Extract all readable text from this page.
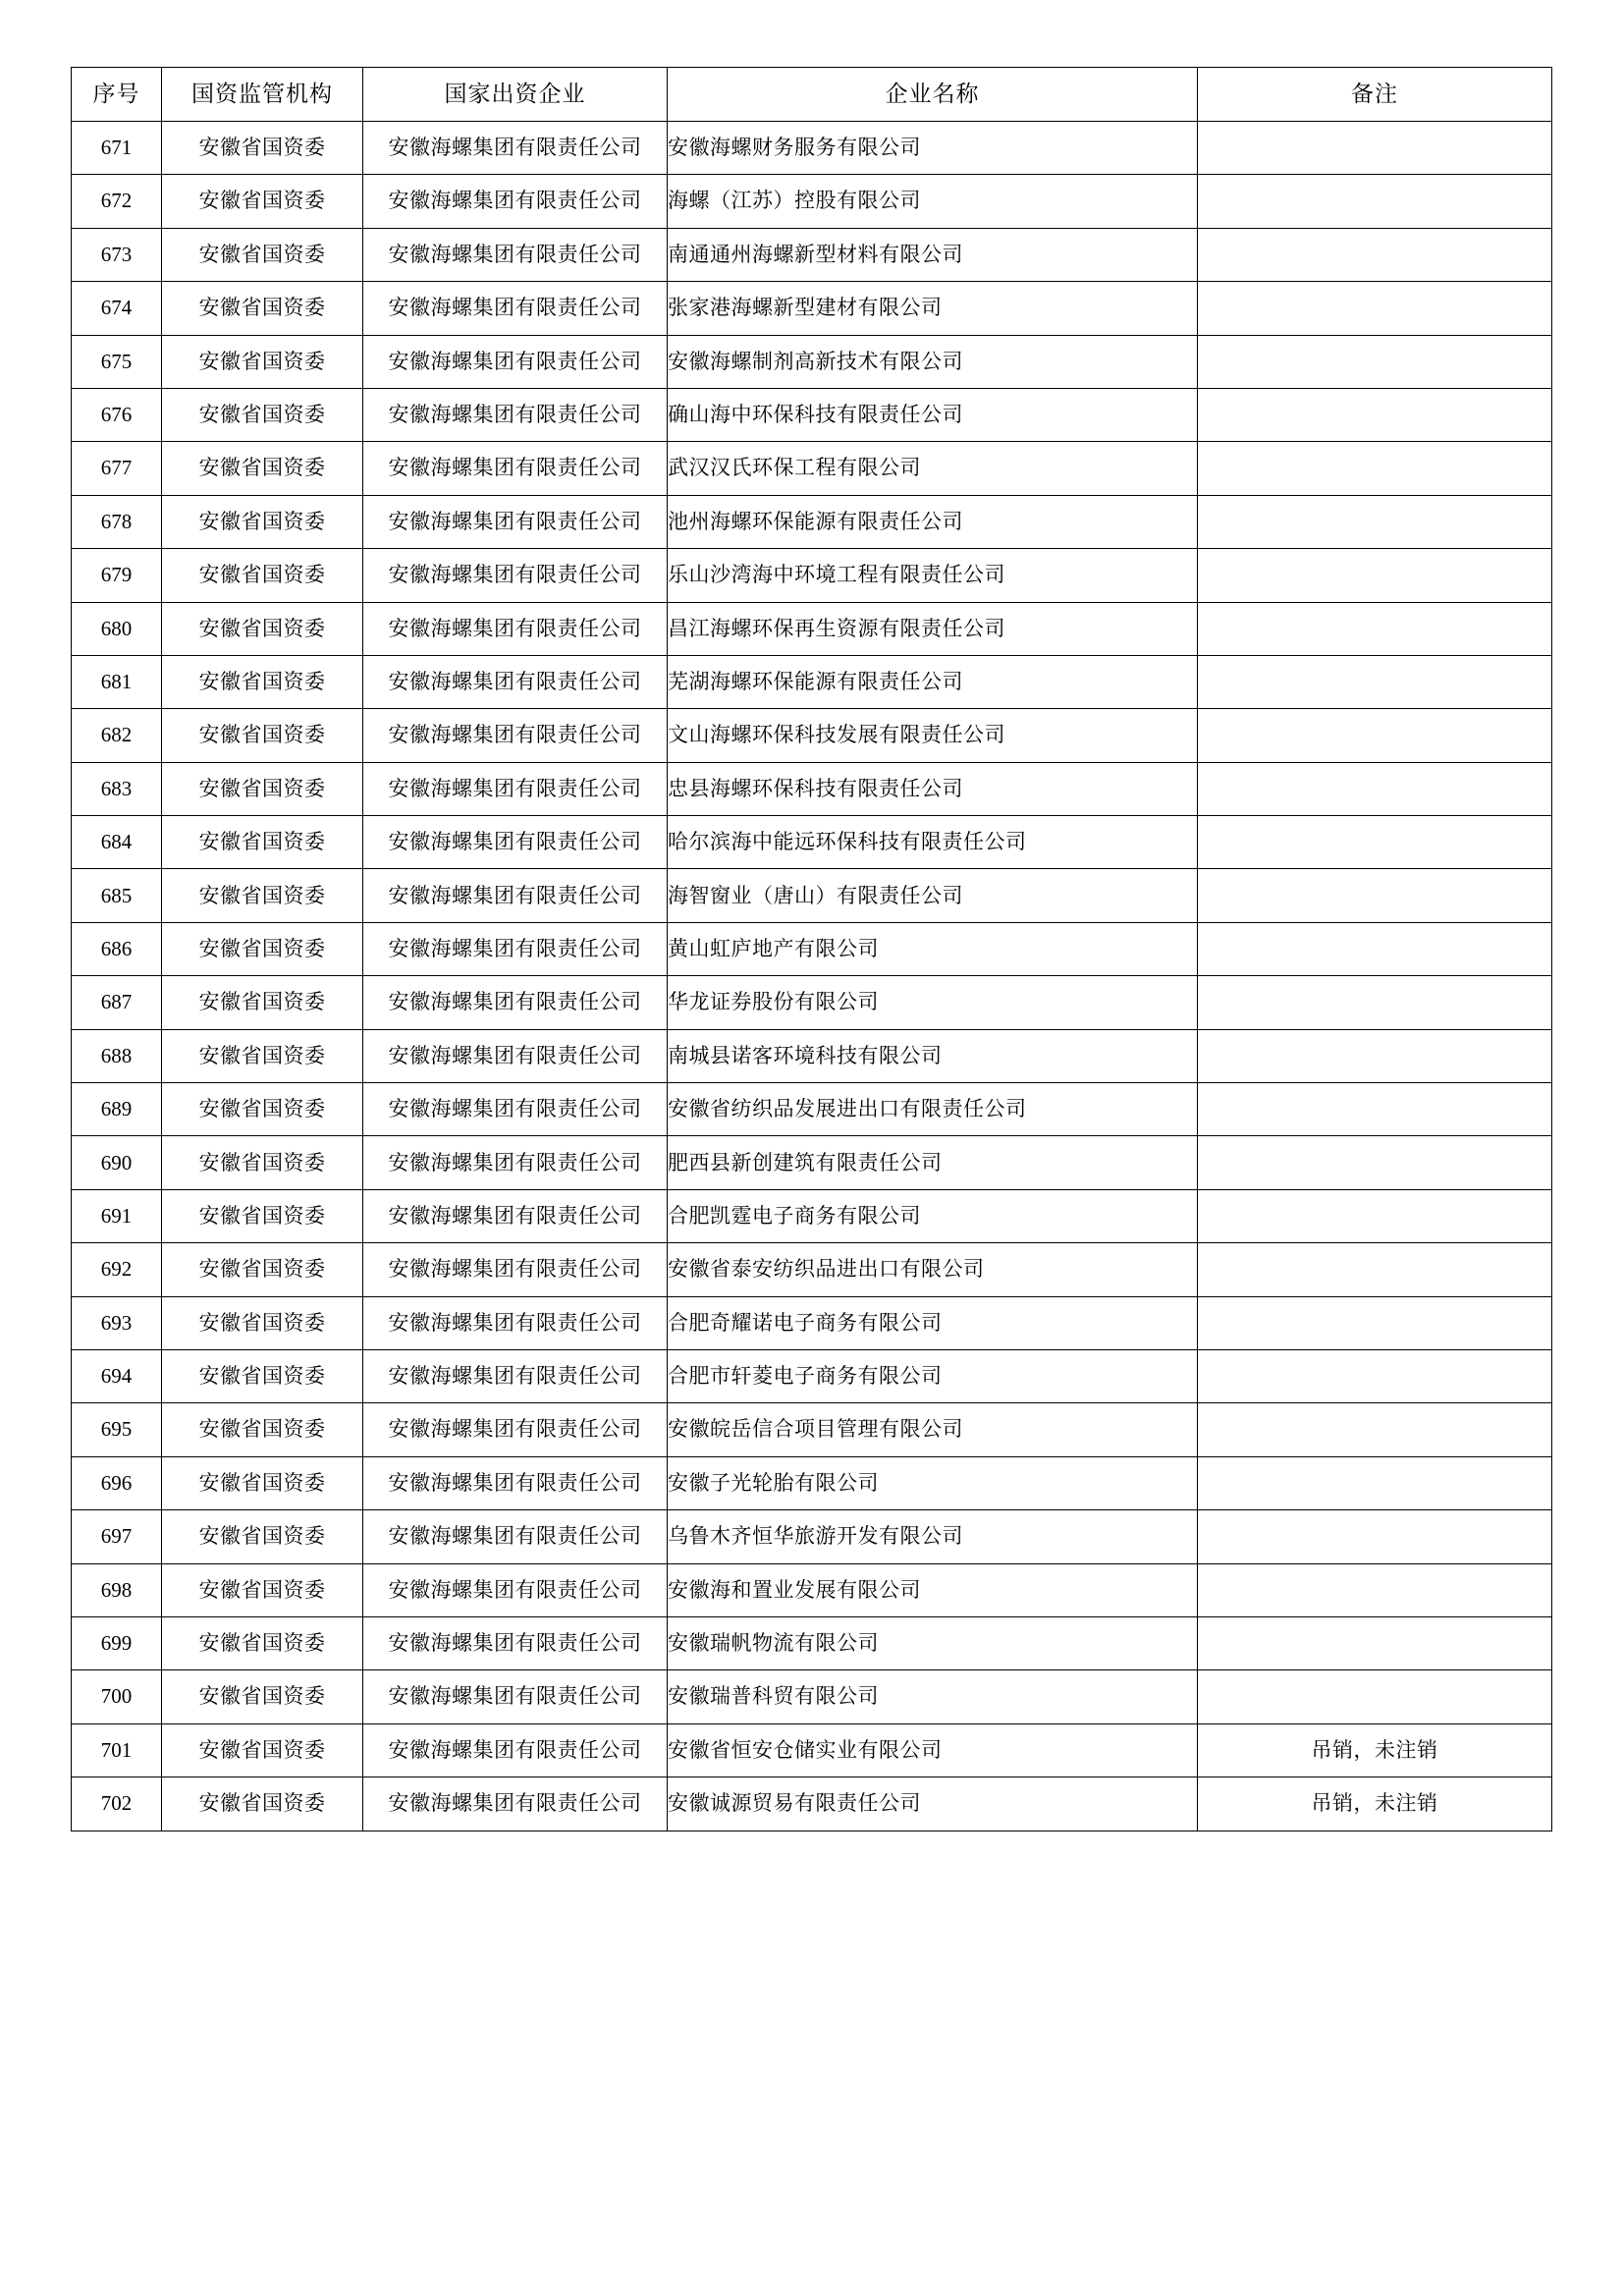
序号	国资监管机构	国家出资企业	企业名称	备注
671	安徽省国资委	安徽海螺集团有限责任公司	安徽海螺财务服务有限公司	
672	安徽省国资委	安徽海螺集团有限责任公司	海螺（江苏）控股有限公司	
673	安徽省国资委	安徽海螺集团有限责任公司	南通通州海螺新型材料有限公司	
674	安徽省国资委	安徽海螺集团有限责任公司	张家港海螺新型建材有限公司	
675	安徽省国资委	安徽海螺集团有限责任公司	安徽海螺制剂高新技术有限公司	
676	安徽省国资委	安徽海螺集团有限责任公司	确山海中环保科技有限责任公司	
677	安徽省国资委	安徽海螺集团有限责任公司	武汉汉氏环保工程有限公司	
678	安徽省国资委	安徽海螺集团有限责任公司	池州海螺环保能源有限责任公司	
679	安徽省国资委	安徽海螺集团有限责任公司	乐山沙湾海中环境工程有限责任公司	
680	安徽省国资委	安徽海螺集团有限责任公司	昌江海螺环保再生资源有限责任公司	
681	安徽省国资委	安徽海螺集团有限责任公司	芜湖海螺环保能源有限责任公司	
682	安徽省国资委	安徽海螺集团有限责任公司	文山海螺环保科技发展有限责任公司	
683	安徽省国资委	安徽海螺集团有限责任公司	忠县海螺环保科技有限责任公司	
684	安徽省国资委	安徽海螺集团有限责任公司	哈尔滨海中能远环保科技有限责任公司	
685	安徽省国资委	安徽海螺集团有限责任公司	海智窗业（唐山）有限责任公司	
686	安徽省国资委	安徽海螺集团有限责任公司	黄山虹庐地产有限公司	
687	安徽省国资委	安徽海螺集团有限责任公司	华龙证券股份有限公司	
688	安徽省国资委	安徽海螺集团有限责任公司	南城县诺客环境科技有限公司	
689	安徽省国资委	安徽海螺集团有限责任公司	安徽省纺织品发展进出口有限责任公司	
690	安徽省国资委	安徽海螺集团有限责任公司	肥西县新创建筑有限责任公司	
691	安徽省国资委	安徽海螺集团有限责任公司	合肥凯霆电子商务有限公司	
692	安徽省国资委	安徽海螺集团有限责任公司	安徽省泰安纺织品进出口有限公司	
693	安徽省国资委	安徽海螺集团有限责任公司	合肥奇耀诺电子商务有限公司	
694	安徽省国资委	安徽海螺集团有限责任公司	合肥市轩菱电子商务有限公司	
695	安徽省国资委	安徽海螺集团有限责任公司	安徽皖岳信合项目管理有限公司	
696	安徽省国资委	安徽海螺集团有限责任公司	安徽子光轮胎有限公司	
697	安徽省国资委	安徽海螺集团有限责任公司	乌鲁木齐恒华旅游开发有限公司	
698	安徽省国资委	安徽海螺集团有限责任公司	安徽海和置业发展有限公司	
699	安徽省国资委	安徽海螺集团有限责任公司	安徽瑞帆物流有限公司	
700	安徽省国资委	安徽海螺集团有限责任公司	安徽瑞普科贸有限公司	
701	安徽省国资委	安徽海螺集团有限责任公司	安徽省恒安仓储实业有限公司	吊销，未注销
702	安徽省国资委	安徽海螺集团有限责任公司	安徽诚源贸易有限责任公司	吊销，未注销
